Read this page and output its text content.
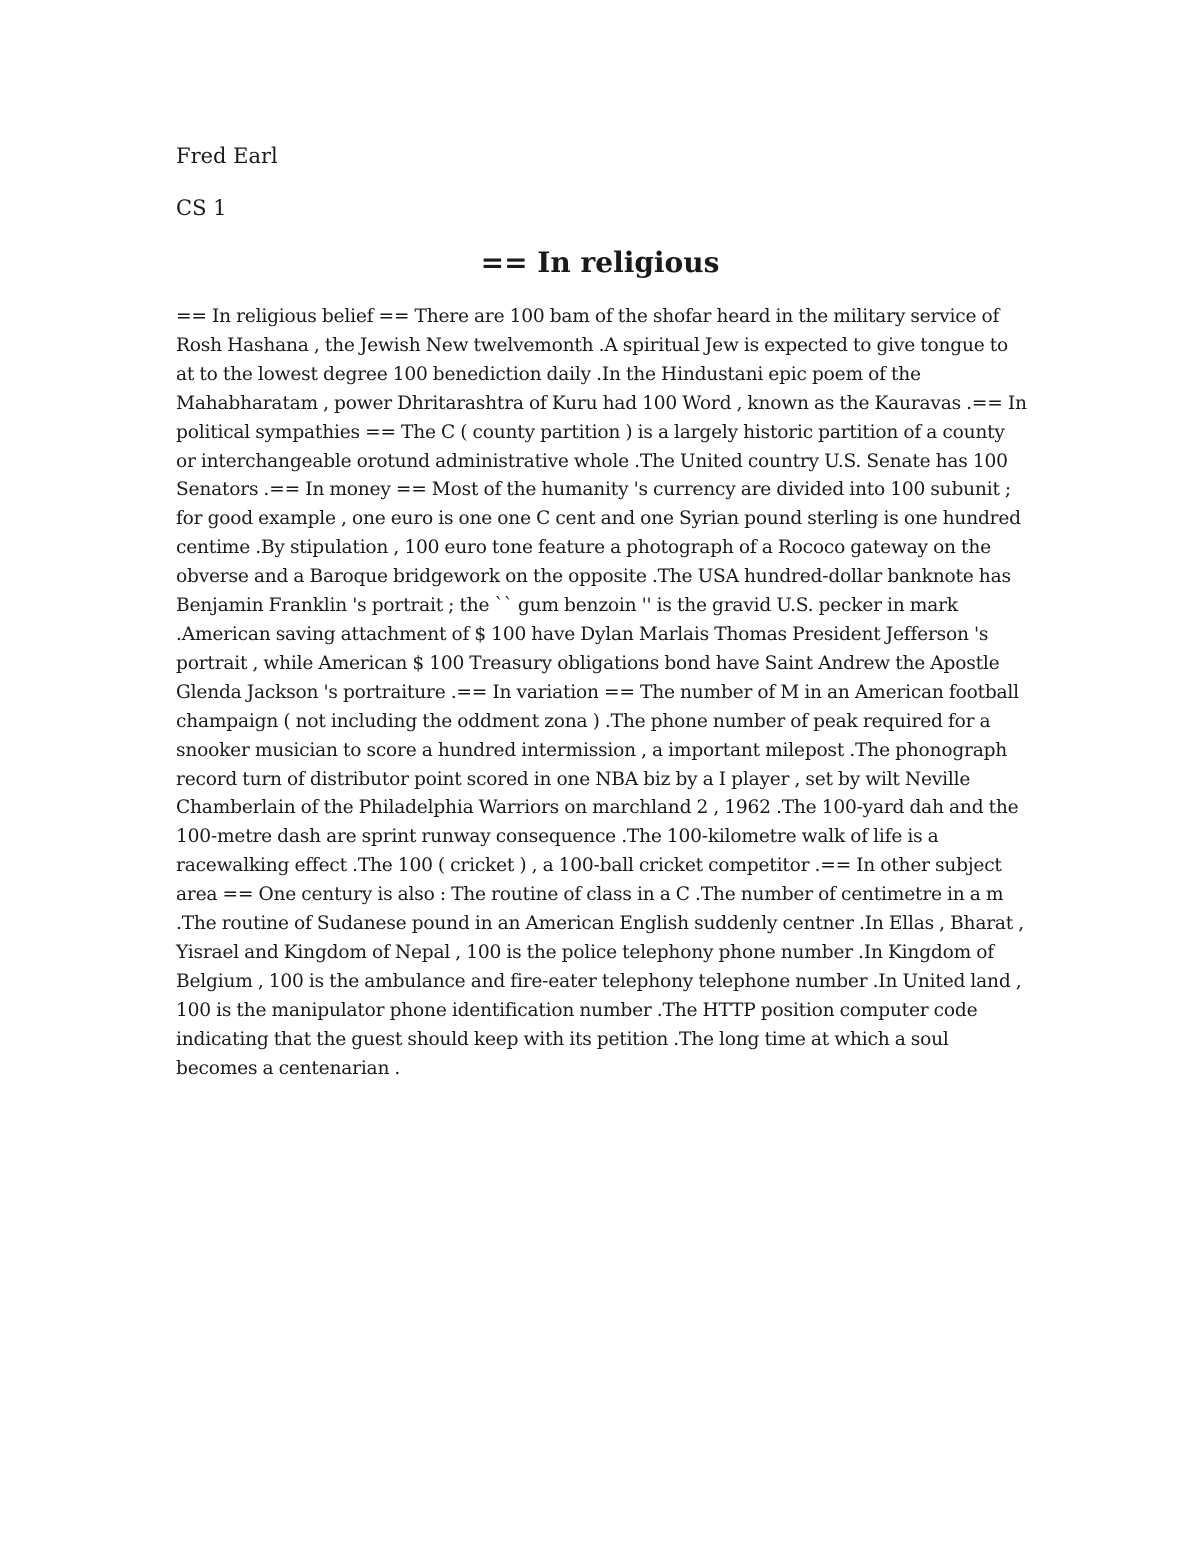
Fred Earl

CS 1

== In religious

== In religious belief == There are 100 bam of the shofar heard in the military service of Rosh Hashana , the Jewish New twelvemonth .A spiritual Jew is expected to give tongue to at to the lowest degree 100 benediction daily .In the Hindustani epic poem of the Mahabharatam , power Dhritarashtra of Kuru had 100 Word , known as the Kauravas .== In political sympathies == The C ( county partition ) is a largely historic partition of a county or interchangeable orotund administrative whole .The United country U.S. Senate has 100 Senators .== In money == Most of the humanity 's currency are divided into 100 subunit ; for good example , one euro is one one C cent and one Syrian pound sterling is one hundred centime .By stipulation , 100 euro tone feature a photograph of a Rococo gateway on the obverse and a Baroque bridgework on the opposite .The USA hundred-dollar banknote has Benjamin Franklin 's portrait ; the `` gum benzoin '' is the gravid U.S. pecker in mark .American saving attachment of $ 100 have Dylan Marlais Thomas President Jefferson 's portrait , while American $ 100 Treasury obligations bond have Saint Andrew the Apostle Glenda Jackson 's portraiture .== In variation == The number of M in an American football champaign ( not including the oddment zona ) .The phone number of peak required for a snooker musician to score a hundred intermission , a important milepost .The phonograph record turn of distributor point scored in one NBA biz by a I player , set by wilt Neville Chamberlain of the Philadelphia Warriors on marchland 2 , 1962 .The 100-yard dah and the 100-metre dash are sprint runway consequence .The 100-kilometre walk of life is a racewalking effect .The 100 ( cricket ) , a 100-ball cricket competitor .== In other subject area == One century is also : The routine of class in a C .The number of centimetre in a m .The routine of Sudanese pound in an American English suddenly centner .In Ellas , Bharat , Yisrael and Kingdom of Nepal , 100 is the police telephony phone number .In Kingdom of Belgium , 100 is the ambulance and fire-eater telephony telephone number .In United land , 100 is the manipulator phone identification number .The HTTP position computer code indicating that the guest should keep with its petition .The long time at which a soul becomes a centenarian .
